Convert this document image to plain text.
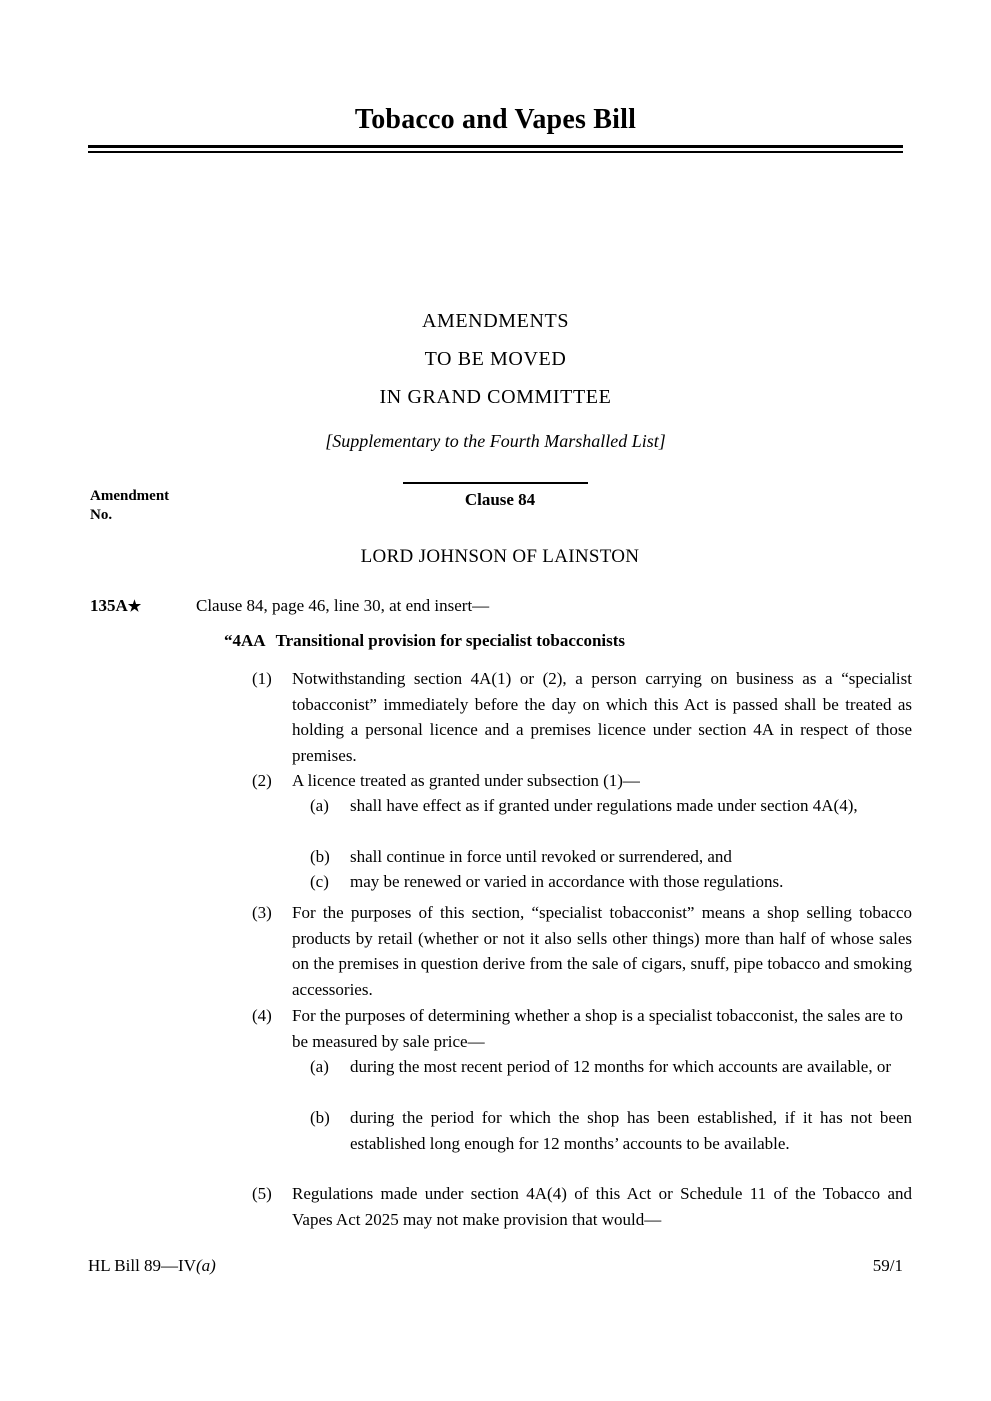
Tobacco and Vapes Bill
AMENDMENTS
TO BE MOVED
IN GRAND COMMITTEE
[Supplementary to the Fourth Marshalled List]
Amendment
No.
Clause 84
LORD JOHNSON OF LAINSTON
135A★	Clause 84, page 46, line 30, at end insert—
“4AA Transitional provision for specialist tobacconists
(1)	Notwithstanding section 4A(1) or (2), a person carrying on business as a “specialist tobacconist” immediately before the day on which this Act is passed shall be treated as holding a personal licence and a premises licence under section 4A in respect of those premises.
(2)	A licence treated as granted under subsection (1)—
(a)	shall have effect as if granted under regulations made under section 4A(4),
(b)	shall continue in force until revoked or surrendered, and
(c)	may be renewed or varied in accordance with those regulations.
(3)	For the purposes of this section, “specialist tobacconist” means a shop selling tobacco products by retail (whether or not it also sells other things) more than half of whose sales on the premises in question derive from the sale of cigars, snuff, pipe tobacco and smoking accessories.
(4)	For the purposes of determining whether a shop is a specialist tobacconist, the sales are to be measured by sale price—
(a)	during the most recent period of 12 months for which accounts are available, or
(b)	during the period for which the shop has been established, if it has not been established long enough for 12 months’ accounts to be available.
(5)	Regulations made under section 4A(4) of this Act or Schedule 11 of the Tobacco and Vapes Act 2025 may not make provision that would—
HL Bill 89—IV(a)	59/1
